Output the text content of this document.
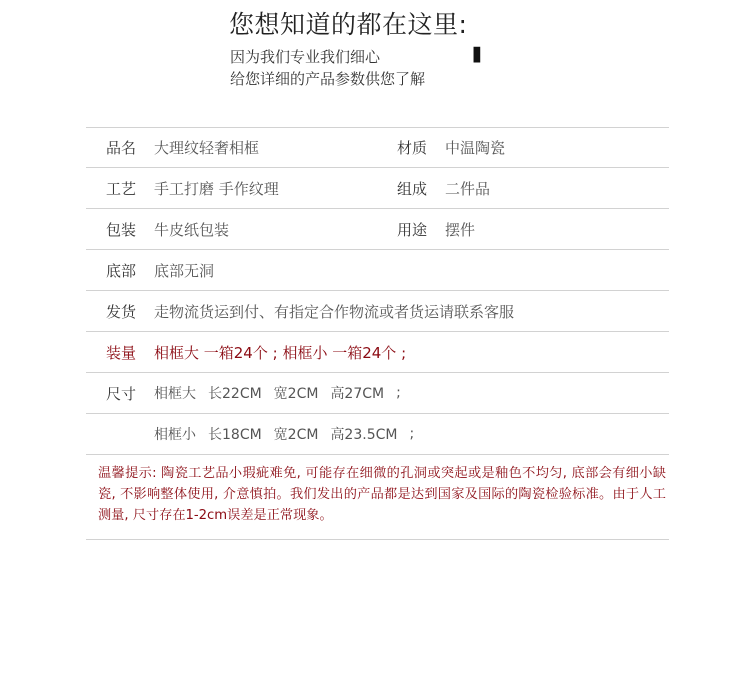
您想知道的都在这里:
因为我们专业我们细心
给您详细的产品参数供您了解 '
品名 大理纹轻奢相框	材质 中温陶瓷
工艺 手工打磨 手作纹理	组成 二件品
包装 牛皮纸包装	用途 摆件
底部 底部无洞
发货 走物流货运到付、有指定合作物流或者货运请联系客服
装量 相框大 一箱24个 ; 相框小 一箱24个 ;
尺寸 相框大 长22CM 宽2CM 高27CM ;
相框小 长18CM 宽2CM 高23.5CM ;
温馨提示: 陶瓷工艺品小瑕疵难免, 可能存在细微的孔洞或突起或是釉色不均匀, 底部会有细小缺瓷, 不影响整体使用, 介意慎拍。我们发出的产品都是达到国家及国际的陶瓷检验标准。由于人工测量, 尺寸存在1-2cm误差是正常现象。
